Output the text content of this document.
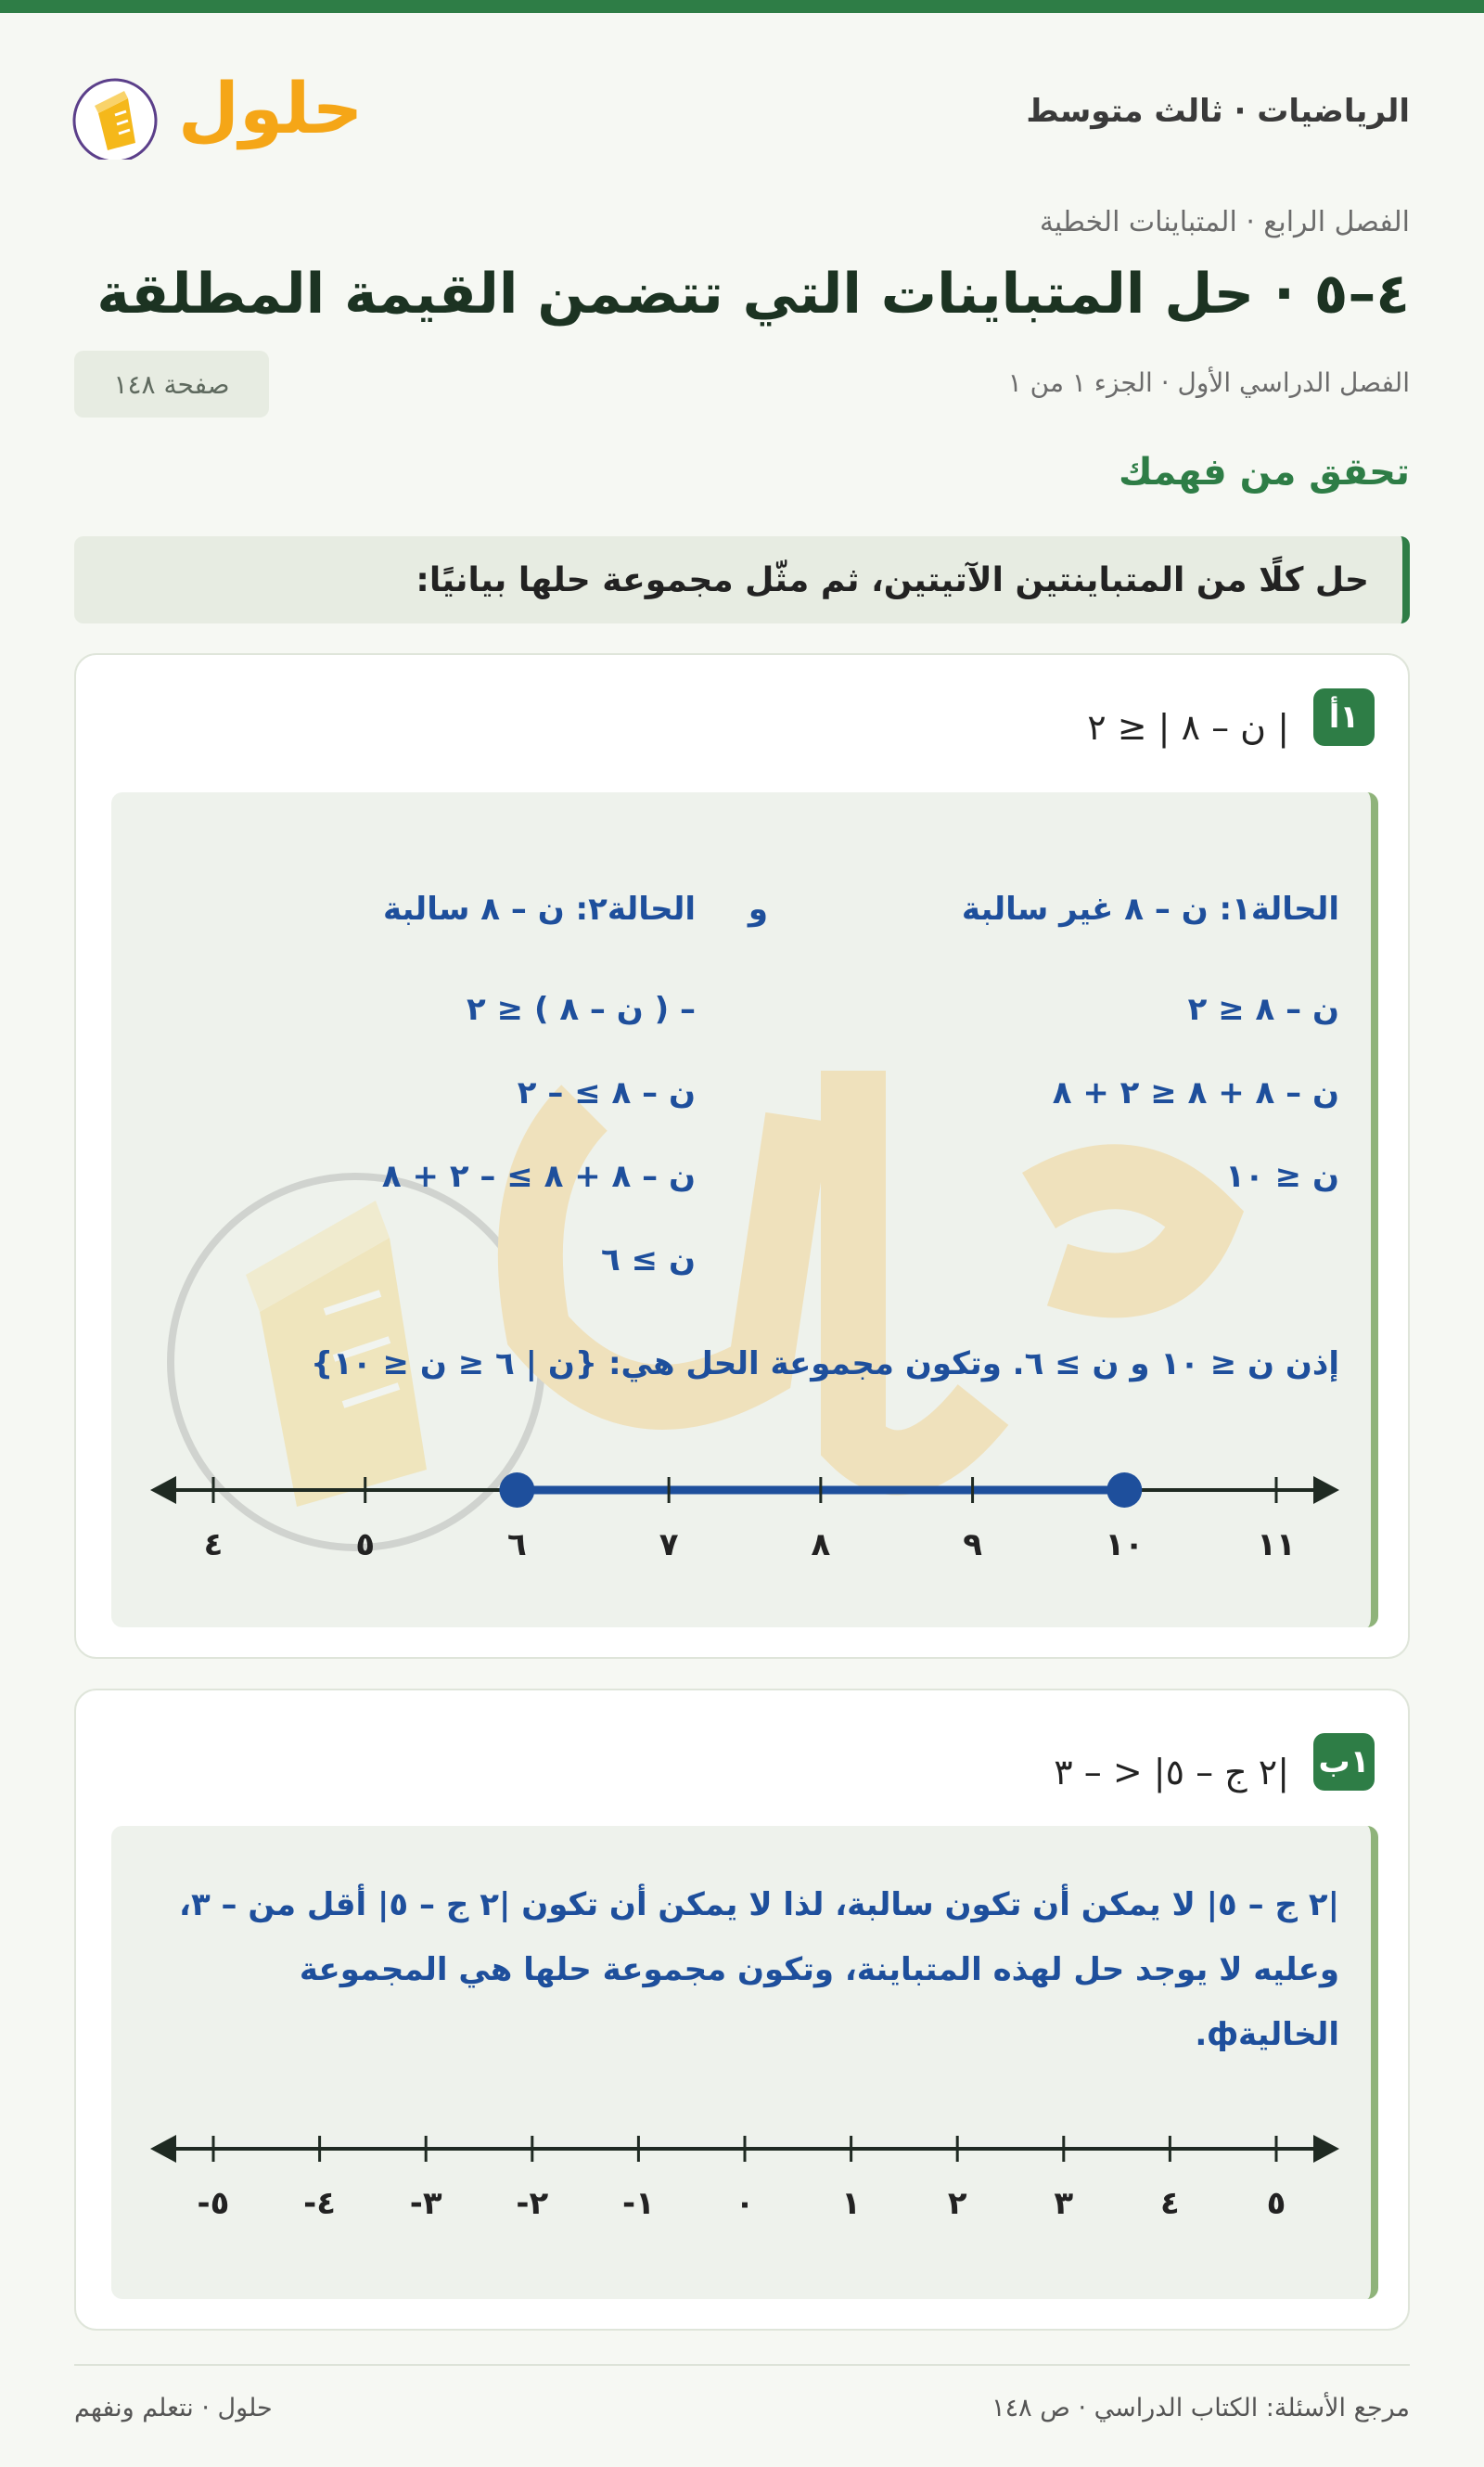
حلول	الرياضيات · ثالث متوسط
الفصل الرابع · المتباينات الخطية
٤–٥ · حل المتباينات التي تتضمن القيمة المطلقة
الفصل الدراسي الأول · الجزء ١ من ١
صفحة ١٤٨
تحقق من فهمك
حل كلًا من المتباينتين الآتيتين، ثم مثّل مجموعة حلها بيانيًا:
١أ
| ن – ٨ | ≤ ٢
الحالة١: ن – ٨ غير سالبة
و
الحالة٢: ن – ٨ سالبة
ن – ٨ ≤ ٢
ن – ٨ + ٨ ≤ ٢ + ٨
ن ≤ ١٠
– ( ن – ٨ ) ≤ ٢
ن – ٨ ≥ – ٢
ن – ٨ + ٨ ≥ – ٢ + ٨
ن ≥ ٦
إذن ن ≤ ١٠ و ن ≥ ٦. وتكون مجموعة الحل هي: {ن | ٦ ≤ ن ≤ ١٠}
٤	٥	٦	٧	٨	٩	١٠	١١
١ب
|٢ ج – ٥| < – ٣
|٢ ج – ٥| لا يمكن أن تكون سالبة، لذا لا يمكن أن تكون |٢ ج – ٥| أقل من – ٣، وعليه لا يوجد حل لهذه المتباينة، وتكون مجموعة حلها هي المجموعة الخاليةф.
-٥ -٤ -٣ -٢ -١	٠	١	٢	٣	٤	٥
مرجع الأسئلة: الكتاب الدراسي · ص ١٤٨
حلول · نتعلم ونفهم
